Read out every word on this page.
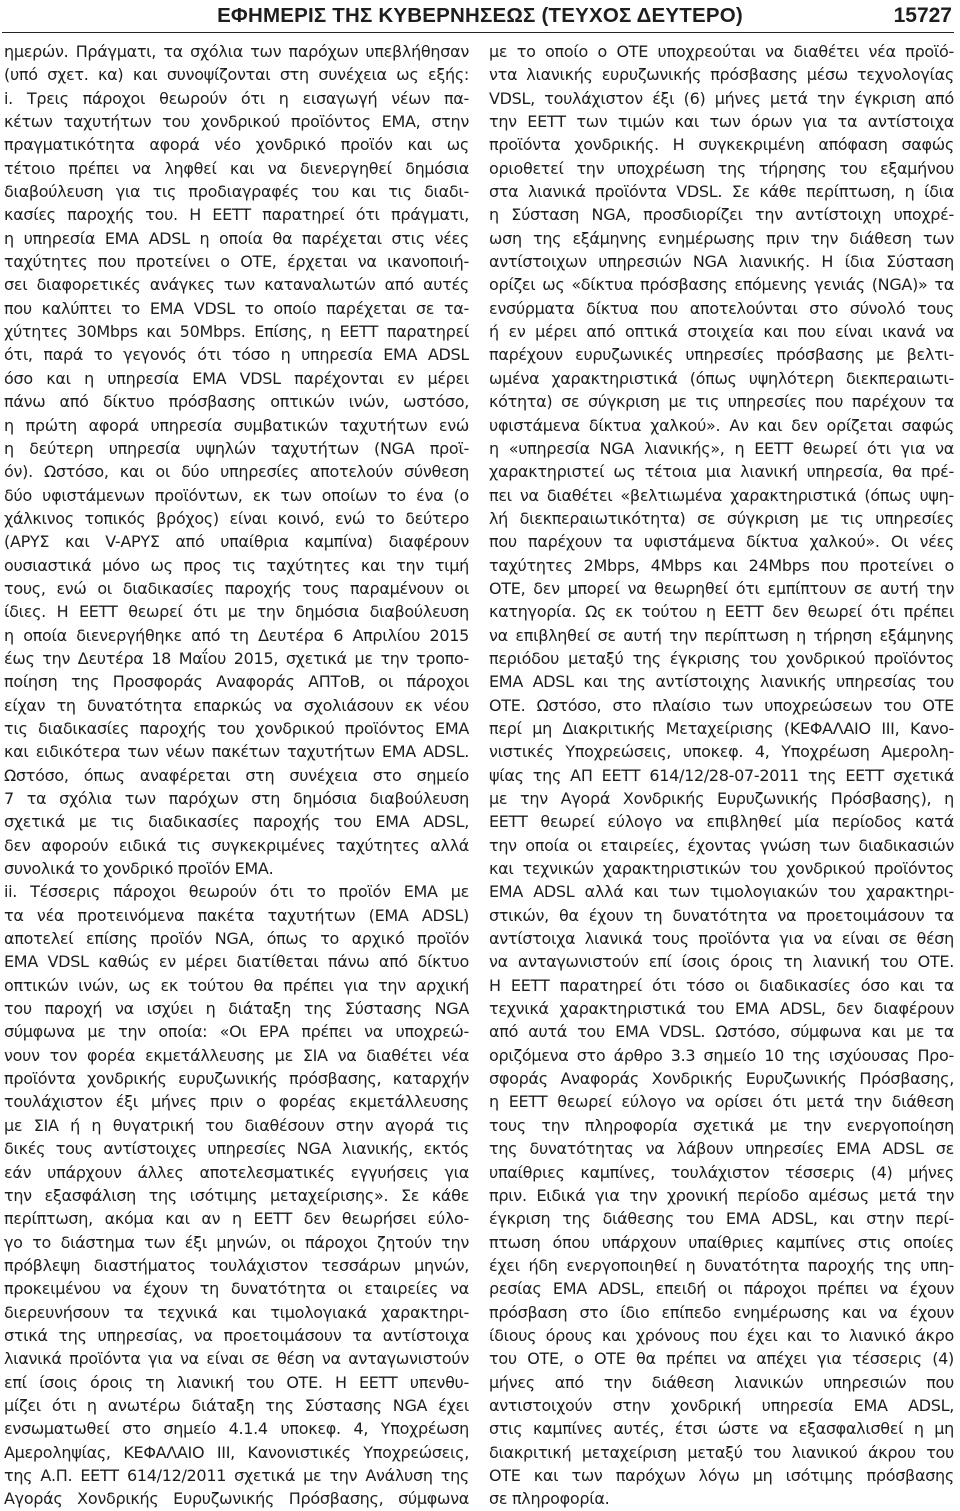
ΕΦΗΜΕΡΙΣ ΤΗΣ ΚΥΒΕΡΝΗΣΕΩΣ (ΤΕΥΧΟΣ ΔΕΥΤΕΡΟ)	15727
ημερών. Πράγματι, τα σχόλια των παρόχων υπεβλήθησαν
(υπό σχετ. κα) και συνοψίζονται στη συνέχεια ως εξής:
i. Τρεις πάροχοι θεωρούν ότι η εισαγωγή νέων πα-
κέτων ταχυτήτων του χονδρικού προϊόντος ΕΜΑ, στην
πραγματικότητα αφορά νέο χονδρικό προϊόν και ως
τέτοιο πρέπει να ληφθεί και να διενεργηθεί δημόσια
διαβούλευση για τις προδιαγραφές του και τις διαδι-
κασίες παροχής του. Η ΕΕΤΤ παρατηρεί ότι πράγματι,
η υπηρεσία ΕΜΑ ADSL η οποία θα παρέχεται στις νέες
ταχύτητες που προτείνει ο ΟΤΕ, έρχεται να ικανοποιή-
σει διαφορετικές ανάγκες των καταναλωτών από αυτές
που καλύπτει το ΕΜΑ VDSL το οποίο παρέχεται σε τα-
χύτητες 30Mbps και 50Mbps. Επίσης, η ΕΕΤΤ παρατηρεί
ότι, παρά το γεγονός ότι τόσο η υπηρεσία ΕΜΑ ADSL
όσο και η υπηρεσία ΕΜΑ VDSL παρέχονται εν μέρει
πάνω από δίκτυο πρόσβασης οπτικών ινών, ωστόσο,
η πρώτη αφορά υπηρεσία συμβατικών ταχυτήτων ενώ
η δεύτερη υπηρεσία υψηλών ταχυτήτων (NGA προϊ-
όν). Ωστόσο, και οι δύο υπηρεσίες αποτελούν σύνθεση
δύο υφιστάμενων προϊόντων, εκ των οποίων το ένα (ο
χάλκινος τοπικός βρόχος) είναι κοινό, ενώ το δεύτερο
(ΑΡΥΣ και V-ΑΡΥΣ από υπαίθρια καμπίνα) διαφέρουν
ουσιαστικά μόνο ως προς τις ταχύτητες και την τιμή
τους, ενώ οι διαδικασίες παροχής τους παραμένουν οι
ίδιες. Η ΕΕΤΤ θεωρεί ότι με την δημόσια διαβούλευση
η οποία διενεργήθηκε από τη Δευτέρα 6 Απριλίου 2015
έως την Δευτέρα 18 Μαΐου 2015, σχετικά με την τροπο-
ποίηση της Προσφοράς Αναφοράς ΑΠΤοΒ, οι πάροχοι
είχαν τη δυνατότητα επαρκώς να σχολιάσουν εκ νέου
τις διαδικασίες παροχής του χονδρικού προϊόντος ΕΜΑ
και ειδικότερα των νέων πακέτων ταχυτήτων ΕΜΑ ADSL.
Ωστόσο, όπως αναφέρεται στη συνέχεια στο σημείο
7 τα σχόλια των παρόχων στη δημόσια διαβούλευση
σχετικά με τις διαδικασίες παροχής του ΕΜΑ ADSL,
δεν αφορούν ειδικά τις συγκεκριμένες ταχύτητες αλλά
συνολικά το χονδρικό προϊόν ΕΜΑ.
ii. Τέσσερις πάροχοι θεωρούν ότι το προϊόν ΕΜΑ με
τα νέα προτεινόμενα πακέτα ταχυτήτων (ΕΜΑ ADSL)
αποτελεί επίσης προϊόν NGA, όπως το αρχικό προϊόν
ΕΜΑ VDSL καθώς εν μέρει διατίθεται πάνω από δίκτυο
οπτικών ινών, ως εκ τούτου θα πρέπει για την αρχική
του παροχή να ισχύει η διάταξη της Σύστασης NGA
σύμφωνα με την οποία: «Οι ΕΡΑ πρέπει να υποχρεώ-
νουν τον φορέα εκμετάλλευσης με ΣΙΑ να διαθέτει νέα
προϊόντα χονδρικής ευρυζωνικής πρόσβασης, καταρχήν
τουλάχιστον έξι μήνες πριν ο φορέας εκμετάλλευσης
με ΣΙΑ ή η θυγατρική του διαθέσουν στην αγορά τις
δικές τους αντίστοιχες υπηρεσίες NGA λιανικής, εκτός
εάν υπάρχουν άλλες αποτελεσματικές εγγυήσεις για
την εξασφάλιση της ισότιμης μεταχείρισης». Σε κάθε
περίπτωση, ακόμα και αν η ΕΕΤΤ δεν θεωρήσει εύλο-
γο το διάστημα των έξι μηνών, οι πάροχοι ζητούν την
πρόβλεψη διαστήματος τουλάχιστον τεσσάρων μηνών,
προκειμένου να έχουν τη δυνατότητα οι εταιρείες να
διερευνήσουν τα τεχνικά και τιμολογιακά χαρακτηρι-
στικά της υπηρεσίας, να προετοιμάσουν τα αντίστοιχα
λιανικά προϊόντα για να είναι σε θέση να ανταγωνιστούν
επί ίσοις όροις τη λιανική του ΟΤΕ. Η ΕΕΤΤ υπενθυ-
μίζει ότι η ανωτέρω διάταξη της Σύστασης NGA έχει
ενσωματωθεί στο σημείο 4.1.4 υποκεφ. 4, Υποχρέωση
Αμεροληψίας, ΚΕΦΑΛΑΙΟ ΙΙΙ, Κανονιστικές Υποχρεώσεις,
της Α.Π. ΕΕΤΤ 614/12/2011 σχετικά με την Ανάλυση της
Αγοράς Χονδρικής Ευρυζωνικής Πρόσβασης, σύμφωνα
με το οποίο ο ΟΤΕ υποχρεούται να διαθέτει νέα προϊό-
ντα λιανικής ευρυζωνικής πρόσβασης μέσω τεχνολογίας
VDSL, τουλάχιστον έξι (6) μήνες μετά την έγκριση από
την ΕΕΤΤ των τιμών και των όρων για τα αντίστοιχα
προϊόντα χονδρικής. Η συγκεκριμένη απόφαση σαφώς
οριοθετεί την υποχρέωση της τήρησης του εξαμήνου
στα λιανικά προϊόντα VDSL. Σε κάθε περίπτωση, η ίδια
η Σύσταση NGA, προσδιορίζει την αντίστοιχη υποχρέ-
ωση της εξάμηνης ενημέρωσης πριν την διάθεση των
αντίστοιχων υπηρεσιών NGA λιανικής. Η ίδια Σύσταση
ορίζει ως «δίκτυα πρόσβασης επόμενης γενιάς (NGA)» τα
ενσύρματα δίκτυα που αποτελούνται στο σύνολό τους
ή εν μέρει από οπτικά στοιχεία και που είναι ικανά να
παρέχουν ευρυζωνικές υπηρεσίες πρόσβασης με βελτι-
ωμένα χαρακτηριστικά (όπως υψηλότερη διεκπεραιωτι-
κότητα) σε σύγκριση με τις υπηρεσίες που παρέχουν τα
υφιστάμενα δίκτυα χαλκού». Αν και δεν ορίζεται σαφώς
η «υπηρεσία NGA λιανικής», η ΕΕΤΤ θεωρεί ότι για να
χαρακτηριστεί ως τέτοια μια λιανική υπηρεσία, θα πρέ-
πει να διαθέτει «βελτιωμένα χαρακτηριστικά (όπως υψη-
λή διεκπεραιωτικότητα) σε σύγκριση με τις υπηρεσίες
που παρέχουν τα υφιστάμενα δίκτυα χαλκού». Οι νέες
ταχύτητες 2Mbps, 4Mbps και 24Mbps που προτείνει ο
ΟΤΕ, δεν μπορεί να θεωρηθεί ότι εμπίπτουν σε αυτή την
κατηγορία. Ως εκ τούτου η ΕΕΤΤ δεν θεωρεί ότι πρέπει
να επιβληθεί σε αυτή την περίπτωση η τήρηση εξάμηνης
περιόδου μεταξύ της έγκρισης του χονδρικού προϊόντος
ΕΜΑ ADSL και της αντίστοιχης λιανικής υπηρεσίας του
ΟΤΕ. Ωστόσο, στο πλαίσιο των υποχρεώσεων του ΟΤΕ
περί μη Διακριτικής Μεταχείρισης (ΚΕΦΑΛΑΙΟ ΙΙΙ, Κανο-
νιστικές Υποχρεώσεις, υποκεφ. 4, Υποχρέωση Αμερολη-
ψίας της ΑΠ ΕΕΤΤ 614/12/28-07-2011 της ΕΕΤΤ σχετικά
με την Αγορά Χονδρικής Ευρυζωνικής Πρόσβασης), η
ΕΕΤΤ θεωρεί εύλογο να επιβληθεί μία περίοδος κατά
την οποία οι εταιρείες, έχοντας γνώση των διαδικασιών
και τεχνικών χαρακτηριστικών του χονδρικού προϊόντος
ΕΜΑ ADSL αλλά και των τιμολογιακών του χαρακτηρι-
στικών, θα έχουν τη δυνατότητα να προετοιμάσουν τα
αντίστοιχα λιανικά τους προϊόντα για να είναι σε θέση
να ανταγωνιστούν επί ίσοις όροις τη λιανική του ΟΤΕ.
Η ΕΕΤΤ παρατηρεί ότι τόσο οι διαδικασίες όσο και τα
τεχνικά χαρακτηριστικά του ΕΜΑ ADSL, δεν διαφέρουν
από αυτά του ΕΜΑ VDSL. Ωστόσο, σύμφωνα και με τα
οριζόμενα στο άρθρο 3.3 σημείο 10 της ισχύουσας Προ-
σφοράς Αναφοράς Χονδρικής Ευρυζωνικής Πρόσβασης,
η ΕΕΤΤ θεωρεί εύλογο να ορίσει ότι μετά την διάθεση
τους την πληροφορία σχετικά με την ενεργοποίηση
της δυνατότητας να λάβουν υπηρεσίες ΕΜΑ ADSL σε
υπαίθριες καμπίνες, τουλάχιστον τέσσερις (4) μήνες
πριν. Ειδικά για την χρονική περίοδο αμέσως μετά την
έγκριση της διάθεσης του ΕΜΑ ADSL, και στην περί-
πτωση όπου υπάρχουν υπαίθριες καμπίνες στις οποίες
έχει ήδη ενεργοποιηθεί η δυνατότητα παροχής της υπη-
ρεσίας ΕΜΑ ADSL, επειδή οι πάροχοι πρέπει να έχουν
πρόσβαση στο ίδιο επίπεδο ενημέρωσης και να έχουν
ίδιους όρους και χρόνους που έχει και το λιανικό άκρο
του ΟΤΕ, ο ΟΤΕ θα πρέπει να απέχει για τέσσερις (4)
μήνες από την διάθεση λιανικών υπηρεσιών που
αντιστοιχούν στην χονδρική υπηρεσία ΕΜΑ ADSL,
στις καμπίνες αυτές, έτσι ώστε να εξασφαλισθεί η μη
διακριτική μεταχείριση μεταξύ του λιανικού άκρου του
ΟΤΕ και των παρόχων λόγω μη ισότιμης πρόσβασης
σε πληροφορία.
